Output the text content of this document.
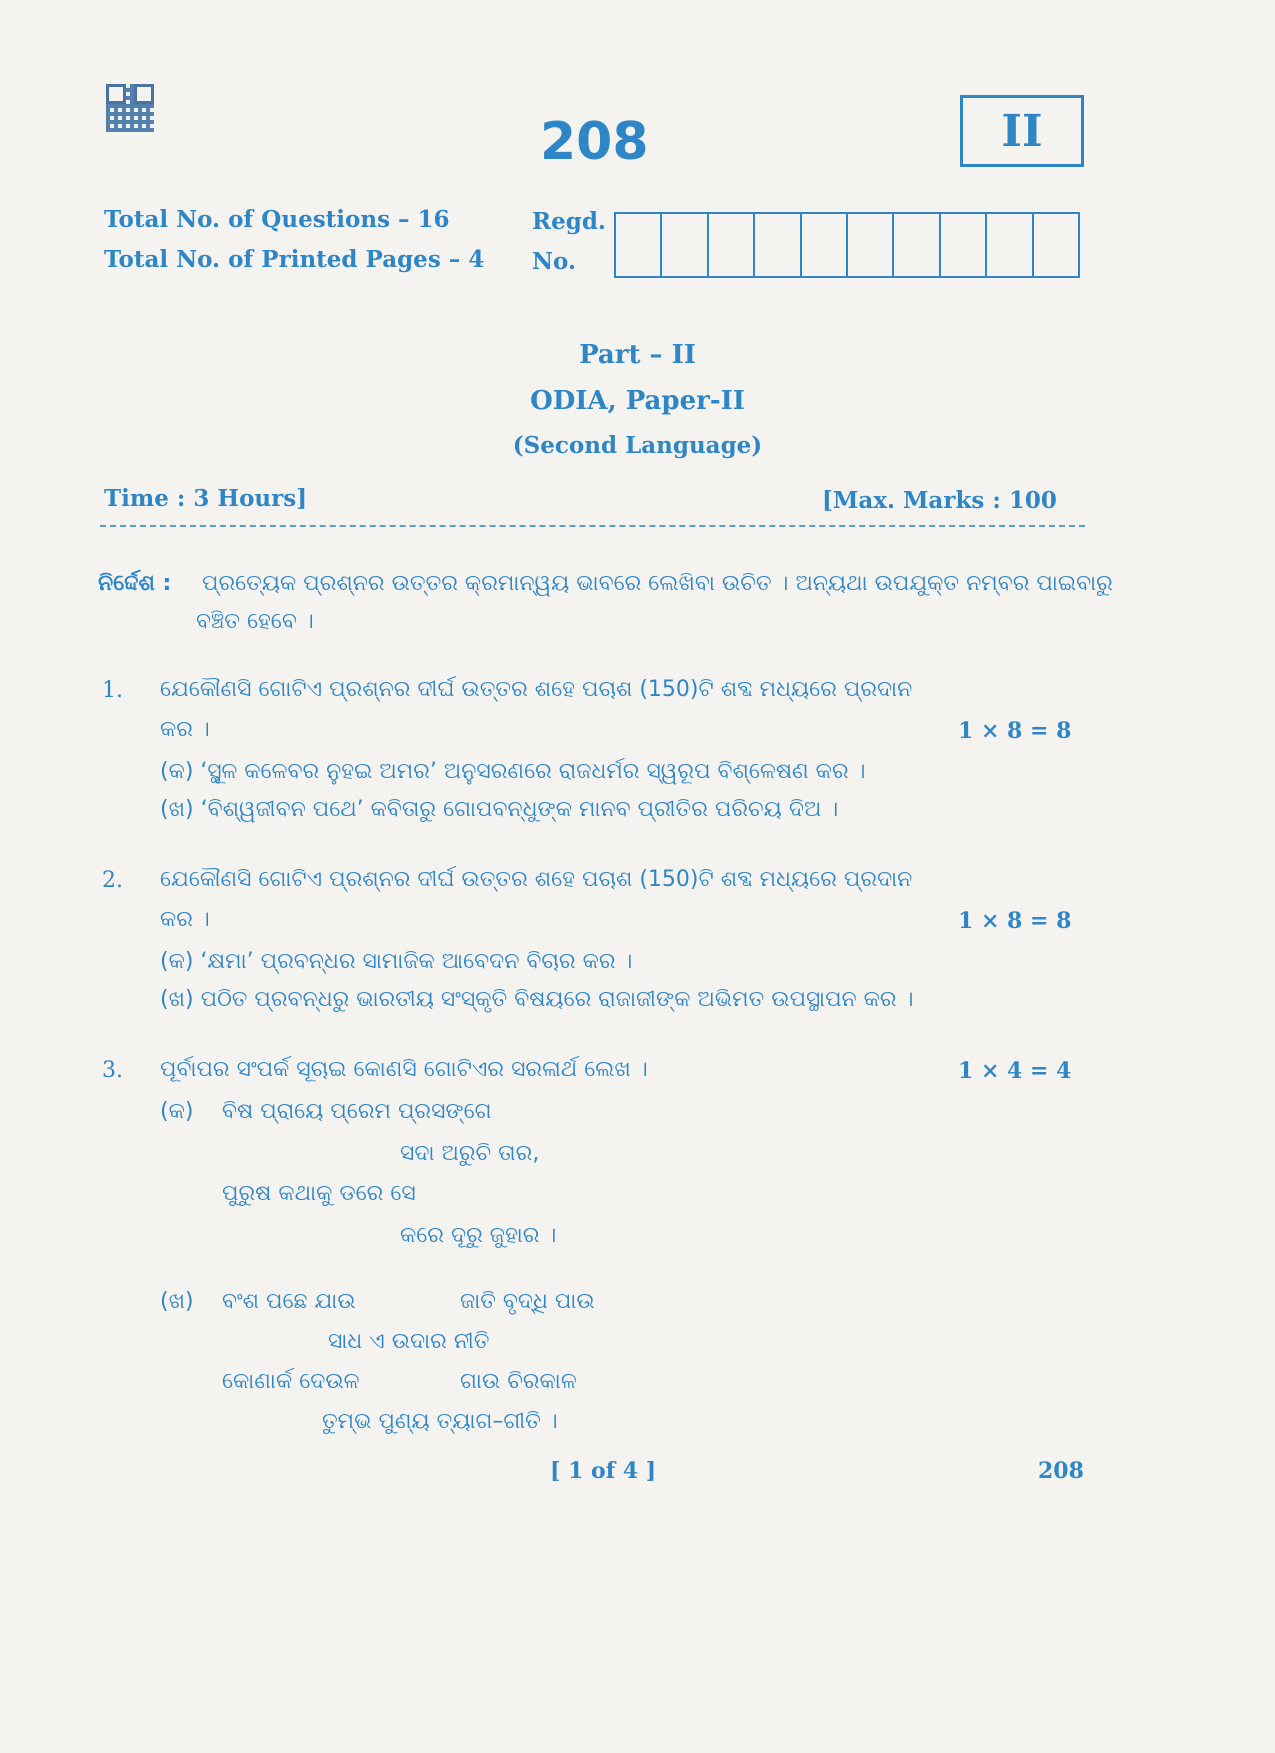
208	II
Total No. of Questions – 16
Total No. of Printed Pages – 4
Regd.
No.
Part – II
ODIA, Paper-II
(Second Language)
Time : 3 Hours]	[Max. Marks : 100
ନିର୍ଦ୍ଦେଶ : ପ୍ରତ୍ୟେକ ପ୍ରଶ୍ନର ଉତ୍ତର କ୍ରମାନ୍ୱୟ ଭାବରେ ଲେଖିବା ଉଚିତ । ଅନ୍ୟଥା ଉପଯୁକ୍ତ ନମ୍ବର ପାଇବାରୁ
ବଞ୍ଚିତ ହେବେ ।
1. ଯେକୌଣସି ଗୋଟିଏ ପ୍ରଶ୍ନର ଦୀର୍ଘ ଉତ୍ତର ଶହେ ପଚାଶ (150)ଟି ଶବ୍ଦ ମଧ୍ୟରେ ପ୍ରଦାନ
କର ।	1 × 8 = 8
(କ) ‘ସ୍ଥୂଳ କଳେବର ନୁହଇ ଅମର’ ଅନୁସରଣରେ ରାଜଧର୍ମର ସ୍ୱରୂପ ବିଶ୍ଳେଷଣ କର ।
(ଖ) ‘ବିଶ୍ୱଜୀବନ ପଥେ’ କବିତାରୁ ଗୋପବନ୍ଧୁଙ୍କ ମାନବ ପ୍ରୀତିର ପରିଚୟ ଦିଅ ।
2. ଯେକୌଣସି ଗୋଟିଏ ପ୍ରଶ୍ନର ଦୀର୍ଘ ଉତ୍ତର ଶହେ ପଚାଶ (150)ଟି ଶବ୍ଦ ମଧ୍ୟରେ ପ୍ରଦାନ
କର ।	1 × 8 = 8
(କ) ‘କ୍ଷମା’ ପ୍ରବନ୍ଧର ସାମାଜିକ ଆବେଦନ ବିଚାର କର ।
(ଖ) ପଠିତ ପ୍ରବନ୍ଧରୁ ଭାରତୀୟ ସଂସ୍କୃତି ବିଷୟରେ ରାଜାଜୀଙ୍କ ଅଭିମତ ଉପସ୍ଥାପନ କର ।
3. ପୂର୍ବାପର ସଂପର୍କ ସୂଚାଇ କୋଣସି ଗୋଟିଏର ସରଳାର୍ଥ ଲେଖ ।	1 × 4 = 4
(କ) ବିଷ ପ୍ରାୟେ ପ୍ରେମ ପ୍ରସଙ୍ଗେ
ସଦା ଅରୁଚି ତାର,
ପୁରୁଷ କଥାକୁ ଡରେ ସେ
କରେ ଦୂରୁ ଜୁହାର ।
(ଖ) ବଂଶ ପଛେ ଯାଉ	ଜାତି ବୃଦ୍ଧି ପାଉ
ସାଧ ଏ ଉଦାର ନୀତି
କୋଣାର୍କ ଦେଉଳ	ଗାଉ ଚିରକାଳ
ତୁମ୍ଭ ପୁଣ୍ୟ ତ୍ୟାଗ–ଗୀତି ।
[ 1 of 4 ]	208
